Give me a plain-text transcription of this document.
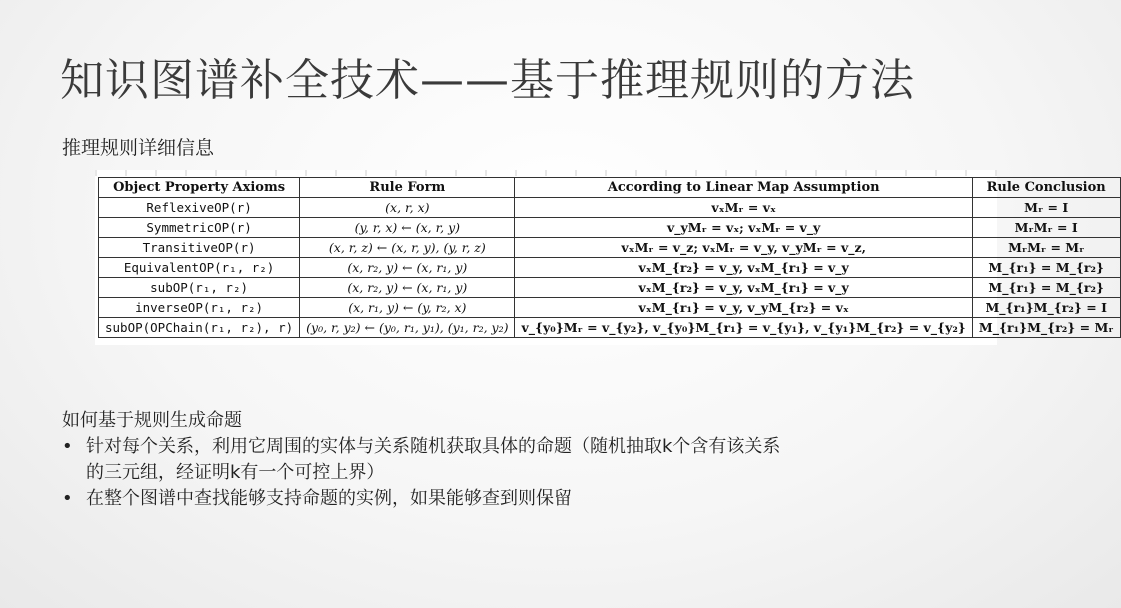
知识图谱补全技术——基于推理规则的方法
推理规则详细信息
Object Property Axioms	Rule Form	According to Linear Map Assumption	Rule Conclusion
ReflexiveOP(r)	(x, r, x)	vₓMᵣ = vₓ	Mᵣ = I
SymmetricOP(r)	(y, r, x) ← (x, r, y)	v_yMᵣ = vₓ; vₓMᵣ = v_y	MᵣMᵣ = I
TransitiveOP(r)	(x, r, z) ← (x, r, y), (y, r, z)	vₓMᵣ = v_z; vₓMᵣ = v_y, v_yMᵣ = v_z,	MᵣMᵣ = Mᵣ
EquivalentOP(r₁, r₂)	(x, r₂, y) ← (x, r₁, y)	vₓM_{r₂} = v_y, vₓM_{r₁} = v_y	M_{r₁} = M_{r₂}
subOP(r₁, r₂)	(x, r₂, y) ← (x, r₁, y)	vₓM_{r₂} = v_y, vₓM_{r₁} = v_y	M_{r₁} = M_{r₂}
inverseOP(r₁, r₂)	(x, r₁, y) ← (y, r₂, x)	vₓM_{r₁} = v_y, v_yM_{r₂} = vₓ	M_{r₁}M_{r₂} = I
subOP(OPChain(r₁, r₂), r)	(y₀, r, y₂) ← (y₀, r₁, y₁), (y₁, r₂, y₂)	v_{y₀}Mᵣ = v_{y₂}, v_{y₀}M_{r₁} = v_{y₁}, v_{y₁}M_{r₂} = v_{y₂}	M_{r₁}M_{r₂} = Mᵣ
如何基于规则生成命题
• 针对每个关系，利用它周围的实体与关系随机获取具体的命题（随机抽取k个含有该关系
的三元组，经证明k有一个可控上界）
• 在整个图谱中查找能够支持命题的实例，如果能够查到则保留
